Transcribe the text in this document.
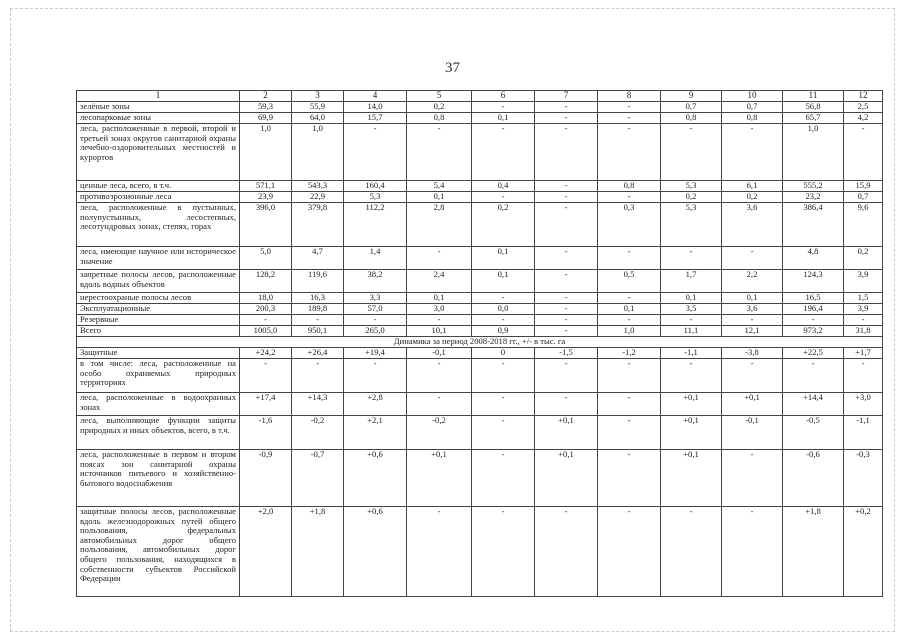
37
1	2	3	4	5	6	7	8	9	10	11	12
зелёные зоны	59,3	55,9	14,0	0,2	-	-	-	0,7	0,7	56,8	2,5
лесопарковые зоны	69,9	64,0	15,7	0,8	0,1	-	-	0,8	0,8	65,7	4,2
леса, расположенные в первой, второй и третьей зонах округов санитарной охраны лечебно-оздоровительных местностей и курортов	1,0	1,0	-	-	-	-	-	-	-	1,0	-
ценные леса, всего, в т.ч.	571,1	543,3	160,4	5,4	0,4	-	0,8	5,3	6,1	555,2	15,9
противоэрозионные леса	23,9	22,9	5,3	0,1	-	-	-	0,2	0,2	23,2	0,7
леса, расположенные в пустынных, полупустынных, лесостепных, лесотундровых зонах, степях, горах	396,0	379,8	112,2	2,8	0,2	-	0,3	5,3	3,6	386,4	9,6
леса, имеющие научное или историческое значение	5,0	4,7	1,4	-	0,1	-	-	-	-	4,8	0,2
запретные полосы лесов, расположенные вдоль водных объектов	128,2	119,6	38,2	2,4	0,1	-	0,5	1,7	2,2	124,3	3,9
нерестоохраные полосы лесов	18,0	16,3	3,3	0,1	-	-	-	0,1	0,1	16,5	1,5
Эксплуатационные	200,3	189,8	57,0	3,0	0,0	-	0,1	3,5	3,6	196,4	3,9
Резервные	-	-	-	-	-	-	-	-	-	-	-
Всего	1005,0	950,1	265,0	10,1	0,9	-	1,0	11,1	12,1	973,2	31,8
Динамика за период 2008-2018 гг., +/- в тыс. га											
Защитные	+24,2	+26,4	+19,4	-0,1	0	-1,5	-1,2	-1,1	-3,8	+22,5	+1,7
в том числе: леса, расположенные на особо охраняемых природных территориях	-	-	-	-	-	-	-	-	-	-	-
леса, расположенные в водоохранных зонах	+17,4	+14,3	+2,8	-	-	-	-	+0,1	+0,1	+14,4	+3,0
леса, выполняющие функции защиты природных и иных объектов, всего, в т.ч.	-1,6	-0,2	+2,1	-0,2	-	+0,1	-	+0,1	-0,1	-0,5	-1,1
леса, расположенные в первом и втором поясах зон санитарной охраны источников питьевого и хозяйственно-бытового водоснабжения	-0,9	-0,7	+0,6	+0,1	-	+0,1	-	+0,1	-	-0,6	-0,3
защитные полосы лесов, расположенные вдоль железнодорожных путей общего пользования, федеральных автомобильных дорог общего пользования, автомобильных дорог общего пользования, находящихся в собственности субъектов Российской Федерации	+2,0	+1,8	+0,6	-	-	-	-	-	-	+1,8	+0,2
